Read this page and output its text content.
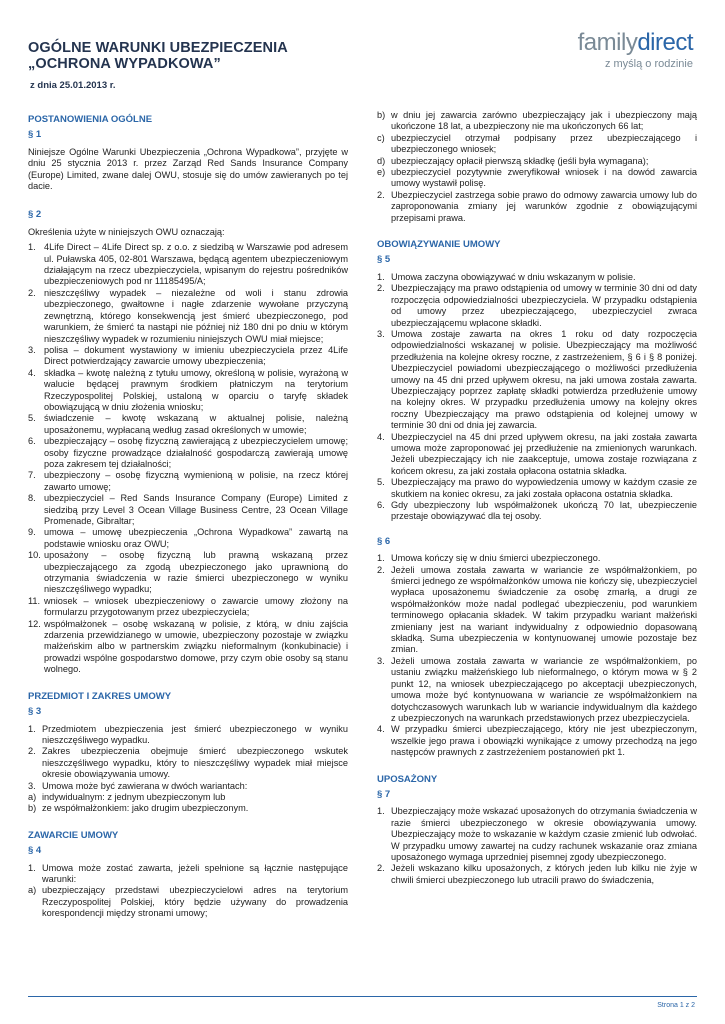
OGÓLNE WARUNKI UBEZPIECZENIA
„OCHRONA WYPADKOWA”
z dnia 25.01.2013 r.
familydirect
z myślą o rodzinie
POSTANOWIENIA OGÓLNE
§ 1

Niniejsze Ogólne Warunki Ubezpieczenia „Ochrona Wypadkowa”, przyjęte w dniu 25 stycznia 2013 r. przez Zarząd Red Sands Insurance Company (Europe) Limited, zwane dalej OWU, stosuje się do umów zawieranych po tej dacie.

§ 2

Określenia użyte w niniejszych OWU oznaczają:

1. 4Life Direct – 4Life Direct sp. z o.o. z siedzibą w Warszawie pod adresem ul. Puławska 405, 02-801 Warszawa, będącą agentem ubezpieczeniowym działającym na rzecz ubezpieczyciela, wpisanym do rejestru pośredników ubezpieczeniowych pod nr 11185495/A;
2. nieszczęśliwy wypadek – niezależne od woli i stanu zdrowia ubezpieczonego, gwałtowne i nagłe zdarzenie wywołane przyczyną zewnętrzną, którego konsekwencją jest śmierć ubezpieczonego, pod warunkiem, że śmierć ta nastąpi nie później niż 180 dni po dniu w którym nieszczęśliwy wypadek w rozumieniu niniejszych OWU miał miejsce;
3. polisa – dokument wystawiony w imieniu ubezpieczyciela przez 4Life Direct potwierdzający zawarcie umowy ubezpieczenia;
4. składka – kwotę należną z tytułu umowy, określoną w polisie, wyrażoną w walucie będącej prawnym środkiem płatniczym na terytorium Rzeczypospolitej Polskiej, ustaloną w oparciu o taryfę składek obowiązującą w dniu złożenia wniosku;
5. świadczenie – kwotę wskazaną w aktualnej polisie, należną uposażonemu, wypłacaną według zasad określonych w umowie;
6. ubezpieczający – osobę fizyczną zawierającą z ubezpieczycielem umowę; osoby fizyczne prowadzące działalność gospodarczą zawierają umowę poza zakresem tej działalności;
7. ubezpieczony – osobę fizyczną wymienioną w polisie, na rzecz której zawarto umowę;
8. ubezpieczyciel – Red Sands Insurance Company (Europe) Limited z siedzibą przy Level 3 Ocean Village Business Centre, 23 Ocean Village Promenade, Gibraltar;
9. umowa – umowę ubezpieczenia „Ochrona Wypadkowa” zawartą na podstawie wniosku oraz OWU;
10. uposażony – osobę fizyczną lub prawną wskazaną przez ubezpieczającego za zgodą ubezpieczonego jako uprawnioną do otrzymania świadczenia w razie śmierci ubezpieczonego w wyniku nieszczęśliwego wypadku;
11. wniosek – wniosek ubezpieczeniowy o zawarcie umowy złożony na formularzu przygotowanym przez ubezpieczyciela;
12. współmałżonek – osobę wskazaną w polisie, z którą, w dniu zajścia zdarzenia przewidzianego w umowie, ubezpieczony pozostaje w związku małżeńskim albo w partnerskim związku nieformalnym (konkubinacie) i prowadzi wspólne gospodarstwo domowe, przy czym obie osoby są stanu wolnego.
PRZEDMIOT I ZAKRES UMOWY
§ 3
1. Przedmiotem ubezpieczenia jest śmierć ubezpieczonego w wyniku nieszczęśliwego wypadku.
2. Zakres ubezpieczenia obejmuje śmierć ubezpieczonego wskutek nieszczęśliwego wypadku, który to nieszczęśliwy wypadek miał miejsce okresie obowiązywania umowy.
3. Umowa może być zawierana w dwóch wariantach:
a) indywidualnym: z jednym ubezpieczonym lub
b) ze współmałżonkiem: jako drugim ubezpieczonym.
ZAWARCIE UMOWY
§ 4
1. Umowa może zostać zawarta, jeżeli spełnione są łącznie następujące warunki:
a) ubezpieczający przedstawi ubezpieczycielowi adres na terytorium Rzeczypospolitej Polskiej, który będzie używany do prowadzenia korespondencji między stronami umowy;
b) w dniu jej zawarcia zarówno ubezpieczający jak i ubezpieczony mają ukończone 18 lat, a ubezpieczony nie ma ukończonych 66 lat;
c) ubezpieczyciel otrzymał podpisany przez ubezpieczającego i ubezpieczonego wniosek;
d) ubezpieczający opłacił pierwszą składkę (jeśli była wymagana);
e) ubezpieczyciel pozytywnie zweryfikował wniosek i na dowód zawarcia umowy wystawił polisę.
2. Ubezpieczyciel zastrzega sobie prawo do odmowy zawarcia umowy lub do zaproponowania zmiany jej warunków zgodnie z obowiązującymi przepisami prawa.
OBOWIĄZYWANIE UMOWY
§ 5
1. Umowa zaczyna obowiązywać w dniu wskazanym w polisie.
2. Ubezpieczający ma prawo odstąpienia od umowy w terminie 30 dni od daty rozpoczęcia odpowiedzialności ubezpieczyciela. W przypadku odstąpienia od umowy przez ubezpieczającego, ubezpieczyciel zwraca ubezpieczającemu wpłacone składki.
3. Umowa zostaje zawarta na okres 1 roku od daty rozpoczęcia odpowiedzialności wskazanej w polisie. Ubezpieczający ma możliwość przedłużenia na kolejne okresy roczne, z zastrzeżeniem, § 6 i § 8 poniżej. Ubezpieczyciel powiadomi ubezpieczającego o możliwości przedłużenia umowy na 45 dni przed upływem okresu, na jaki umowa została zawarta. Ubezpieczający poprzez zapłatę składki potwierdza przedłużenie umowy na kolejny okres. W przypadku przedłużenia umowy na kolejny okres roczny Ubezpieczający ma prawo odstąpienia od kolejnej umowy w terminie 30 dni od dnia jej zawarcia.
4. Ubezpieczyciel na 45 dni przed upływem okresu, na jaki została zawarta umowa może zaproponować jej przedłużenie na zmienionych warunkach. Jeżeli ubezpieczający ich nie zaakceptuje, umowa zostaje rozwiązana z końcem okresu, za jaki została opłacona ostatnia składka.
5. Ubezpieczający ma prawo do wypowiedzenia umowy w każdym czasie ze skutkiem na koniec okresu, za jaki została opłacona ostatnia składka.
6. Gdy ubezpieczony lub współmałżonek ukończą 70 lat, ubezpieczenie przestaje obowiązywać dla tej osoby.
§ 6
1. Umowa kończy się w dniu śmierci ubezpieczonego.
2. Jeżeli umowa została zawarta w wariancie ze współmałżonkiem, po śmierci jednego ze współmałżonków umowa nie kończy się, ubezpieczyciel wypłaca uposażonemu świadczenie za osobę zmarłą, a drugi ze współmałżonków może nadal podlegać ubezpieczeniu, pod warunkiem terminowego opłacania składek. W takim przypadku wariant małżeński zmieniany jest na wariant indywidualny z odpowiednio dopasowaną składką. Suma ubezpieczenia w kontynuowanej umowie pozostaje bez zmian.
3. Jeżeli umowa została zawarta w wariancie ze współmałżonkiem, po ustaniu związku małżeńskiego lub nieformalnego, o którym mowa w § 2 punkt 12, na wniosek ubezpieczającego po akceptacji ubezpieczonych, umowa może być kontynuowana w wariancie ze współmałżonkiem na dotychczasowych warunkach lub w wariancie indywidualnym dla każdego z ubezpieczonych na warunkach przedstawionych przez ubezpieczyciela.
4. W przypadku śmierci ubezpieczającego, który nie jest ubezpieczonym, wszelkie jego prawa i obowiązki wynikające z umowy przechodzą na jego następców prawnych z zastrzeżeniem postanowień pkt 1.
UPOSAŻONY
§ 7
1. Ubezpieczający może wskazać uposażonych do otrzymania świadczenia w razie śmierci ubezpieczonego w okresie obowiązywania umowy. Ubezpieczający może to wskazanie w każdym czasie zmienić lub odwołać. W przypadku umowy zawartej na cudzy rachunek wskazanie oraz zmiana uposażonego wymaga uprzedniej pisemnej zgody ubezpieczonego.
2. Jeżeli wskazano kilku uposażonych, z których jeden lub kilku nie żyje w chwili śmierci ubezpieczonego lub utracili prawo do świadczenia,
Strona 1 z 2
